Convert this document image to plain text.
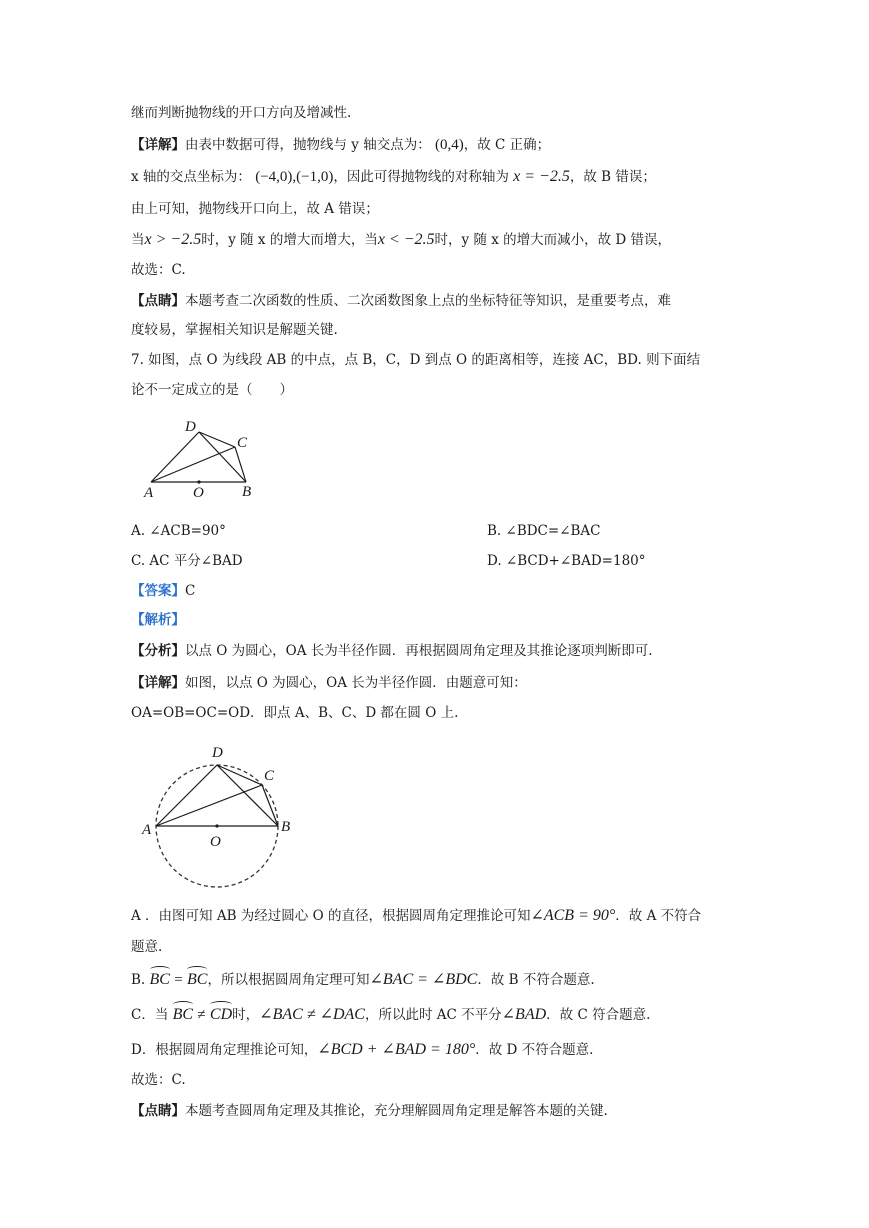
继而判断抛物线的开口方向及增减性.
【详解】由表中数据可得，抛物线与 y 轴交点为： (0,4)，故 C 正确；
x 轴的交点坐标为： (−4,0),(−1,0)，因此可得抛物线的对称轴为 x = −2.5，故 B 错误；
由上可知，抛物线开口向上，故 A 错误；
当x > −2.5时，y 随 x 的增大而增大，当x < −2.5时，y 随 x 的增大而减小，故 D 错误，
故选：C.
【点睛】本题考查二次函数的性质、二次函数图象上点的坐标特征等知识，是重要考点，难
度较易，掌握相关知识是解题关键.
7. 如图，点 O 为线段 AB 的中点，点 B，C，D 到点 O 的距离相等，连接 AC，BD. 则下面结
论不一定成立的是（　　）
D
C
A	O	B
A. ∠ACB=90°	B. ∠BDC=∠BAC
C. AC 平分∠BAD	D. ∠BCD+∠BAD=180°
【答案】C
【解析】
【分析】以点 O 为圆心，OA 长为半径作圆．再根据圆周角定理及其推论逐项判断即可.
【详解】如图，以点 O 为圆心，OA 长为半径作圆．由题意可知：
OA=OB=OC=OD．即点 A、B、C、D 都在圆 O 上.
D
C
A
O
B
A ．由图可知 AB 为经过圆心 O 的直径，根据圆周角定理推论可知∠ACB = 90°．故 A 不符合
题意.
B. BC = BC，所以根据圆周角定理可知∠BAC = ∠BDC．故 B 不符合题意.
C．当 BC ≠ CD时，∠BAC ≠ ∠DAC，所以此时 AC 不平分∠BAD．故 C 符合题意.
D．根据圆周角定理推论可知，∠BCD + ∠BAD = 180°．故 D 不符合题意.
故选：C.
【点睛】本题考查圆周角定理及其推论，充分理解圆周角定理是解答本题的关键.
